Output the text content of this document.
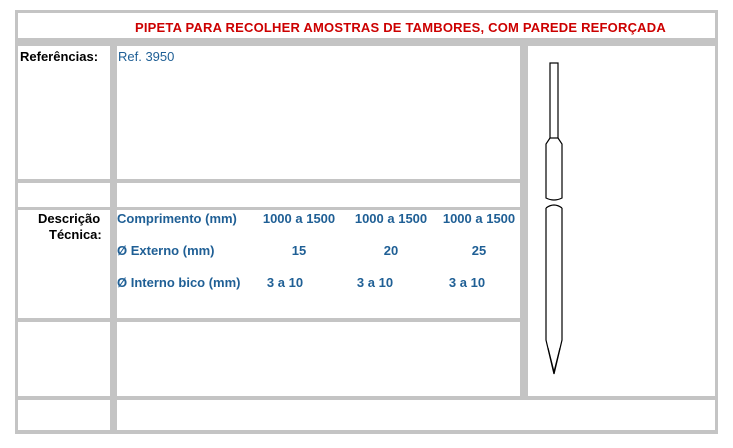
PIPETA PARA RECOLHER AMOSTRAS DE TAMBORES, COM PAREDE REFORÇADA
Referências: Ref. 3950
Descrição
Técnica:
Comprimento (mm)	1000 a 1500	1000 a 1500	1000 a 1500
Ø Externo (mm)	15	20	25
Ø Interno bico (mm)	3 a 10	3 a 10	3 a 10
